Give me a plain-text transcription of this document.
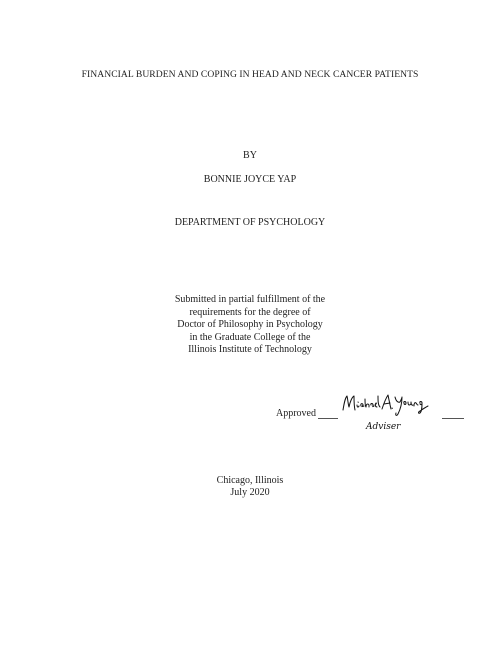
FINANCIAL BURDEN AND COPING IN HEAD AND NECK CANCER PATIENTS
BY
BONNIE JOYCE YAP
DEPARTMENT OF PSYCHOLOGY
Submitted in partial fulfillment of the
requirements for the degree of
Doctor of Philosophy in Psychology
in the Graduate College of the
Illinois Institute of Technology
Approved
Adviser
Chicago, Illinois
July 2020
